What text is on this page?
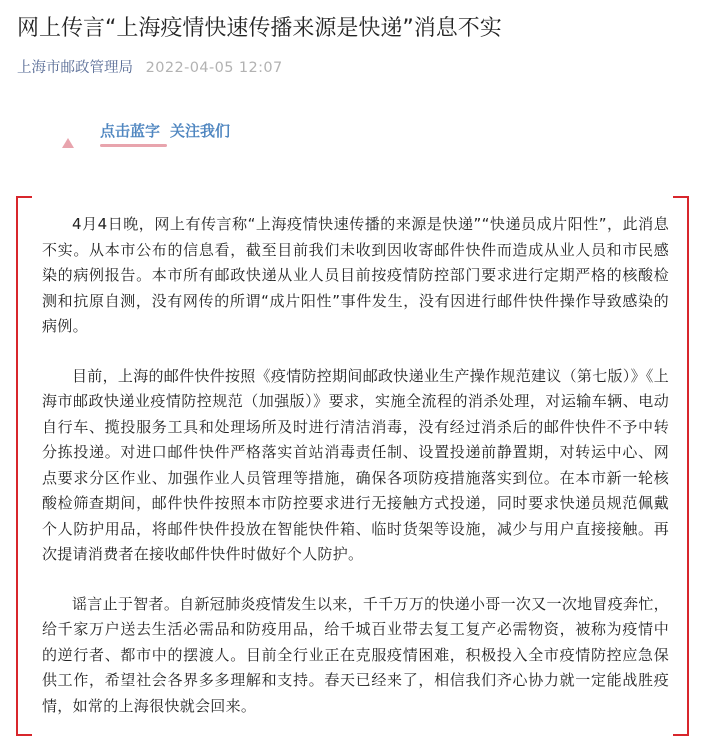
网上传言“上海疫情快速传播来源是快递”消息不实
上海市邮政管理局 2022-04-05 12:07
点击蓝字 关注我们

4月4日晚，网上有传言称“上海疫情快速传播的来源是快递”“快递员成片阳性”，此消息不实。从本市公布的信息看，截至目前我们未收到因收寄邮件快件而造成从业人员和市民感染的病例报告。本市所有邮政快递从业人员目前按疫情防控部门要求进行定期严格的核酸检测和抗原自测，没有网传的所谓“成片阳性”事件发生，没有因进行邮件快件操作导致感染的病例。

目前，上海的邮件快件按照《疫情防控期间邮政快递业生产操作规范建议（第七版）》《上海市邮政快递业疫情防控规范（加强版）》要求，实施全流程的消杀处理，对运输车辆、电动自行车、揽投服务工具和处理场所及时进行清洁消毒，没有经过消杀后的邮件快件不予中转分拣投递。对进口邮件快件严格落实首站消毒责任制、设置投递前静置期，对转运中心、网点要求分区作业、加强作业人员管理等措施，确保各项防疫措施落实到位。在本市新一轮核酸检筛查期间，邮件快件按照本市防控要求进行无接触方式投递，同时要求快递员规范佩戴个人防护用品，将邮件快件投放在智能快件箱、临时货架等设施，减少与用户直接接触。再次提请消费者在接收邮件快件时做好个人防护。

谣言止于智者。自新冠肺炎疫情发生以来，千千万万的快递小哥一次又一次地冒疫奔忙，给千家万户送去生活必需品和防疫用品，给千城百业带去复工复产必需物资，被称为疫情中的逆行者、都市中的摆渡人。目前全行业正在克服疫情困难，积极投入全市疫情防控应急保供工作，希望社会各界多多理解和支持。春天已经来了，相信我们齐心协力就一定能战胜疫情，如常的上海很快就会回来。
